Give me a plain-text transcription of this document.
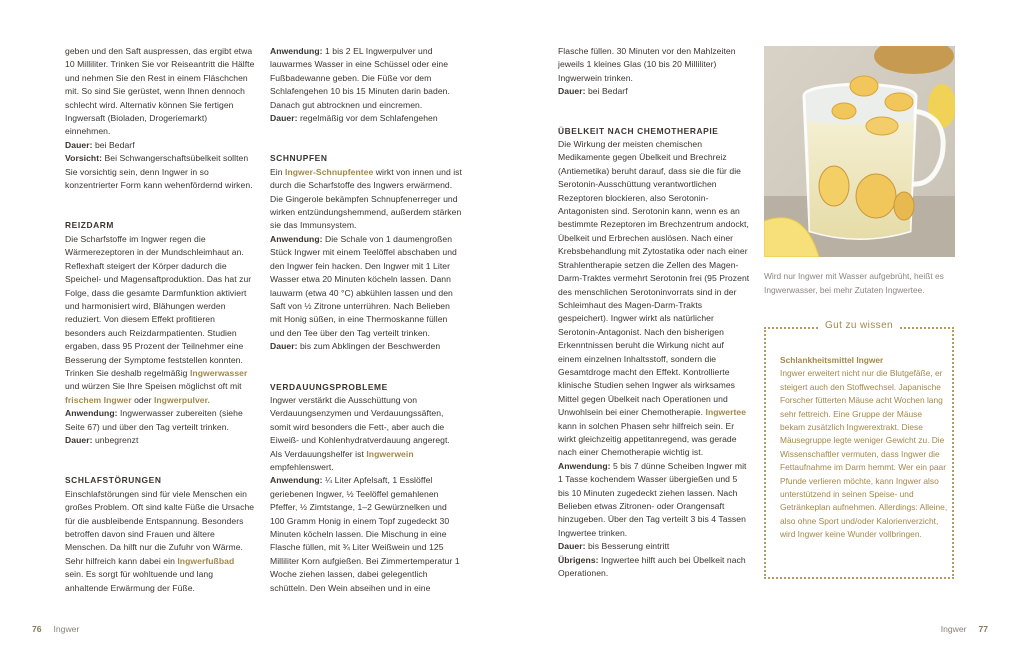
geben und den Saft auspressen, das ergibt etwa 10 Milliliter. Trinken Sie vor Reiseantritt die Hälfte und nehmen Sie den Rest in einem Fläschchen mit. So sind Sie gerüstet, wenn Ihnen dennoch schlecht wird. Alternativ können Sie fertigen Ingwersaft (Bioladen, Drogeriemarkt) einnehmen.

Dauer: bei Bedarf

Vorsicht: Bei Schwangerschaftsübelkeit sollten Sie vorsichtig sein, denn Ingwer in so konzentrierter Form kann wehenfördernd wirken.

REIZDARM

Die Scharfstoffe im Ingwer regen die Wärmerezeptoren in der Mundschleimhaut an. Reflexhaft steigert der Körper dadurch die Speichel- und Magensaftproduktion. Das hat zur Folge, dass die gesamte Darmfunktion aktiviert und harmonisiert wird, Blähungen werden reduziert. Von diesem Effekt profitieren besonders auch Reizdarmpatienten. Studien ergaben, dass 95 Prozent der Teilnehmer eine Besserung der Symptome feststellen konnten. Trinken Sie deshalb regelmäßig Ingwerwasser und würzen Sie Ihre Speisen möglichst oft mit frischem Ingwer oder Ingwerpulver.

Anwendung: Ingwerwasser zubereiten (siehe Seite 67) und über den Tag verteilt trinken.

Dauer: unbegrenzt

SCHLAFSTÖRUNGEN

Einschlafstörungen sind für viele Menschen ein großes Problem. Oft sind kalte Füße die Ursache für die ausbleibende Entspannung. Besonders betroffen davon sind Frauen und ältere Menschen. Da hilft nur die Zufuhr von Wärme. Sehr hilfreich kann dabei ein Ingwerfußbad sein. Es sorgt für wohltuende und lang anhaltende Erwärmung der Füße.

Anwendung: 1 bis 2 EL Ingwerpulver und lauwarmes Wasser in eine Schüssel oder eine Fußbadewanne geben. Die Füße vor dem Schlafengehen 10 bis 15 Minuten darin baden. Danach gut abtrocknen und eincremen.

Dauer: regelmäßig vor dem Schlafengehen

SCHNUPFEN

Ein Ingwer-Schnupfentee wirkt von innen und ist durch die Scharfstoffe des Ingwers erwärmend. Die Gingerole bekämpfen Schnupfenerreger und wirken entzündungshemmend, außerdem stärken sie das Immunsystem.

Anwendung: Die Schale von 1 daumengroßen Stück Ingwer mit einem Teelöffel abschaben und den Ingwer fein hacken. Den Ingwer mit 1 Liter Wasser etwa 20 Minuten köcheln lassen. Dann lauwarm (etwa 40 °C) abkühlen lassen und den Saft von ½ Zitrone unterrühren. Nach Belieben mit Honig süßen, in eine Thermoskanne füllen und den Tee über den Tag verteilt trinken.

Dauer: bis zum Abklingen der Beschwerden

VERDAUUNGSPROBLEME

Ingwer verstärkt die Ausschüttung von Verdauungsenzymen und Verdauungssäften, somit wird besonders die Fett-, aber auch die Eiweiß- und Kohlenhydratverdauung angeregt. Als Verdauungshelfer ist Ingwerwein empfehlenswert.

Anwendung: ¼ Liter Apfelsaft, 1 Esslöffel geriebenen Ingwer, ½ Teelöffel gemahlenen Pfeffer, ½ Zimtstange, 1–2 Gewürznelken und 100 Gramm Honig in einem Topf zugedeckt 30 Minuten köcheln lassen. Die Mischung in eine Flasche füllen, mit ¾ Liter Weißwein und 125 Milliliter Korn aufgießen. Bei Zimmertemperatur 1 Woche ziehen lassen, dabei gelegentlich schütteln. Den Wein abseihen und in eine

Flasche füllen. 30 Minuten vor den Mahlzeiten jeweils 1 kleines Glas (10 bis 20 Milliliter) Ingwerwein trinken.

Dauer: bei Bedarf

ÜBELKEIT NACH CHEMOTHERAPIE

Die Wirkung der meisten chemischen Medikamente gegen Übelkeit und Brechreiz (Antiemetika) beruht darauf, dass sie die für die Serotonin-Ausschüttung verantwortlichen Rezeptoren blockieren, also Serotonin-Antagonisten sind. Serotonin kann, wenn es an bestimmte Rezeptoren im Brechzentrum andockt, Übelkeit und Erbrechen auslösen. Nach einer Krebsbehandlung mit Zytostatika oder nach einer Strahlentherapie setzen die Zellen des Magen-Darm-Traktes vermehrt Serotonin frei (95 Prozent des menschlichen Serotoninvorrats sind in der Schleimhaut des Magen-Darm-Trakts gespeichert). Ingwer wirkt als natürlicher Serotonin-Antagonist. Nach den bisherigen Erkenntnissen beruht die Wirkung nicht auf einem einzelnen Inhaltsstoff, sondern die Gesamtdroge macht den Effekt. Kontrollierte klinische Studien sehen Ingwer als wirksames Mittel gegen Übelkeit nach Operationen und Unwohlsein bei einer Chemotherapie. Ingwertee kann in solchen Phasen sehr hilfreich sein. Er wirkt gleichzeitig appetitanregend, was gerade nach einer Chemotherapie wichtig ist.

Anwendung: 5 bis 7 dünne Scheiben Ingwer mit 1 Tasse kochendem Wasser übergießen und 5 bis 10 Minuten zugedeckt ziehen lassen. Nach Belieben etwas Zitronen- oder Orangensaft hinzugeben. Über den Tag verteilt 3 bis 4 Tassen Ingwertee trinken.

Dauer: bis Besserung eintritt

Übrigens: Ingwertee hilft auch bei Übelkeit nach Operationen.

Wird nur Ingwer mit Wasser aufgebrüht, heißt es Ingwerwasser, bei mehr Zutaten Ingwertee.

Gut zu wissen

Schlankheitsmittel Ingwer

Ingwer erweitert nicht nur die Blutgefäße, er steigert auch den Stoffwechsel. Japanische Forscher fütterten Mäuse acht Wochen lang sehr fettreich. Eine Gruppe der Mäuse bekam zusätzlich Ingwerextrakt. Diese Mäusegruppe legte weniger Gewicht zu. Die Wissenschaftler vermuten, dass Ingwer die Fettaufnahme im Darm hemmt. Wer ein paar Pfunde verlieren möchte, kann Ingwer also unterstützend in seinen Speise- und Getränkeplan aufnehmen. Allerdings: Alleine, also ohne Sport und/oder Kalorienverzicht, wird Ingwer keine Wunder vollbringen.

76 Ingwer	Ingwer 77
